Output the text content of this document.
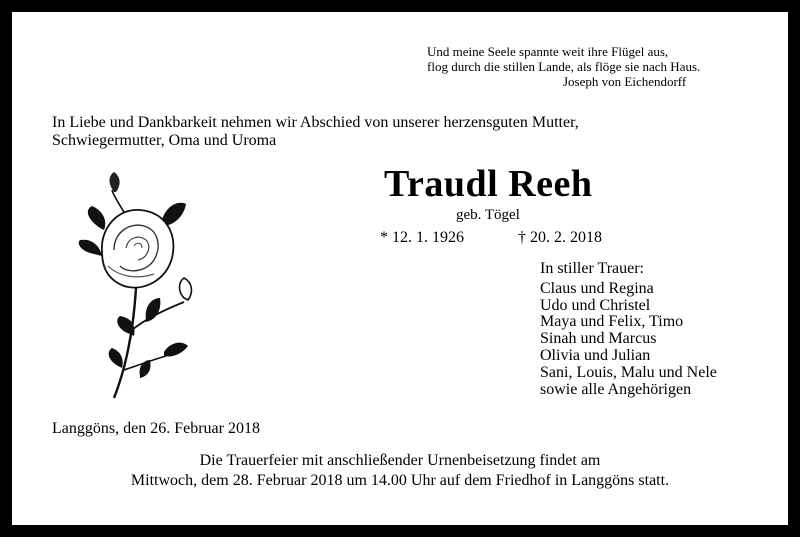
Und meine Seele spannte weit ihre Flügel aus,
flog durch die stillen Lande, als flöge sie nach Haus.
Joseph von Eichendorff
In Liebe und Dankbarkeit nehmen wir Abschied von unserer herzensguten Mutter,
Schwiegermutter, Oma und Uroma
Traudl Reeh
geb. Tögel
* 12. 1. 1926	† 20. 2. 2018
In stiller Trauer:
Claus und Regina
Udo und Christel
Maya und Felix, Timo
Sinah und Marcus
Olivia und Julian
Sani, Louis, Malu und Nele
sowie alle Angehörigen
Langgöns, den 26. Februar 2018
Die Trauerfeier mit anschließender Urnenbeisetzung findet am
Mittwoch, dem 28. Februar 2018 um 14.00 Uhr auf dem Friedhof in Langgöns statt.
